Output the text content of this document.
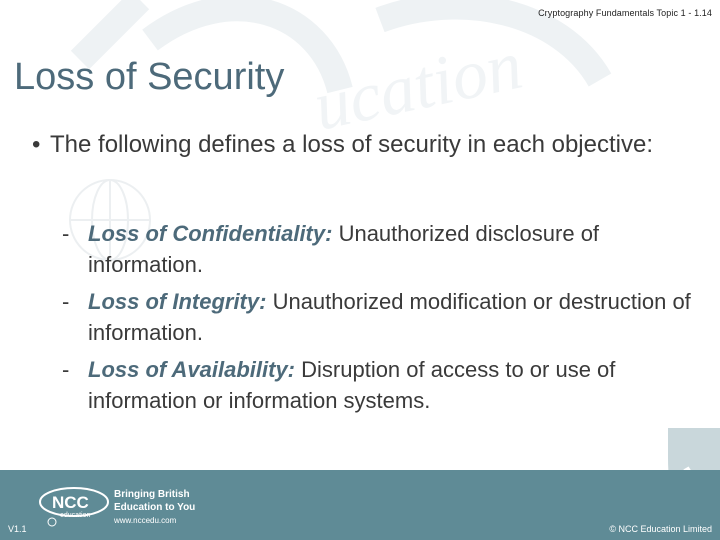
ucation
Cryptography Fundamentals Topic 1 - 1.14
Loss of Security
• The following defines a loss of security in each objective:
- Loss of Confidentiality: Unauthorized disclosure of information.
- Loss of Integrity: Unauthorized modification or destruction of information.
- Loss of Availability: Disruption of access to or use of information or information systems.
NCC
education
Bringing British
Education to You
www.nccedu.com
V1.1	© NCC Education Limited
